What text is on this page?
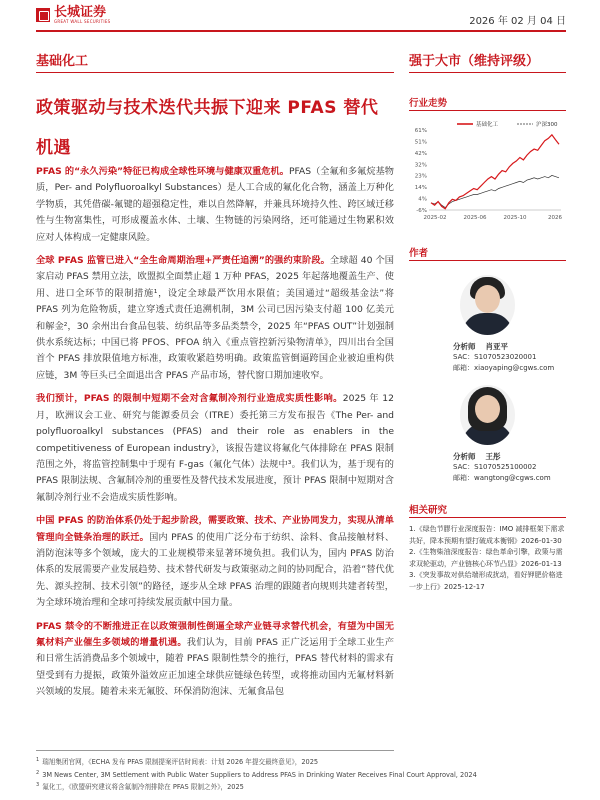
长城证券
GREAT WALL SECURITIES	2026 年 02 月 04 日
基础化工	强于大市（维持评级）
政策驱动与技术迭代共振下迎来 PFAS 替代机遇

PFAS 的“永久污染”特征已构成全球性环境与健康双重危机。PFAS（全氟和多氟烷基物质，Per- and Polyfluoroalkyl Substances）是人工合成的氟化化合物，涵盖上万种化学物质，其凭借碳-氟键的超强稳定性，难以自然降解，并兼具环境持久性、跨区域迁移性与生物富集性，可形成覆盖水体、土壤、生物链的污染网络，还可能通过生物累积效应对人体构成一定健康风险。

全球 PFAS 监管已进入“全生命周期治理+严责任追溯”的强约束阶段。全球超 40 个国家启动 PFAS 禁用立法，欧盟拟全面禁止超 1 万种 PFAS，2025 年起落地覆盖生产、使用、进口全环节的限制措施¹，设定全球最严饮用水限值；美国通过“超级基金法”将 PFAS 列为危险物质，建立穿透式责任追溯机制，3M 公司已因污染支付超 100 亿美元和解金²，30 余州出台食品包装、纺织品等多品类禁令，2025 年“PFAS OUT”计划强制供水系统达标；中国已将 PFOS、PFOA 纳入《重点管控新污染物清单》，四川出台全国首个 PFAS 排放限值地方标准，政策收紧趋势明确。政策监管倒逼跨国企业被迫重构供应链，3M 等巨头已全面退出含 PFAS 产品市场，替代窗口期加速收窄。

我们预计，PFAS 的限制中短期不会对含氟制冷剂行业造成实质性影响。2025 年 12 月，欧洲议会工业、研究与能源委员会（ITRE）委托第三方发布报告《The Per- and polyfluoroalkyl substances (PFAS) and their role as enablers in the competitiveness of European industry》，该报告建议将氟化气体排除在 PFAS 限制范围之外，将监管控制集中于现有 F-gas（氟化气体）法规中³。我们认为，基于现有的 PFAS 限制法规、含氟制冷剂的重要性及替代技术发展进度，预计 PFAS 限制中短期对含氟制冷剂行业不会造成实质性影响。

中国 PFAS 的防治体系仍处于起步阶段，需要政策、技术、产业协同发力，实现从清单管理向全链条治理的跃迁。国内 PFAS 的使用广泛分布于纺织、涂料、食品接触材料、消防泡沫等多个领域，庞大的工业规模带来显著环境负担。我们认为，国内 PFAS 防治体系的发展需要产业发展趋势、技术替代研发与政策驱动之间的协同配合，沿着“替代优先、源头控制、技术引领”的路径，逐步从全球 PFAS 治理的跟随者向规则共建者转型，为全球环境治理和全球可持续发展贡献中国力量。

PFAS 禁令的不断推进正在以政策强制性倒逼全球产业链寻求替代机会，有望为中国无氟材料产业催生多领域的增量机遇。我们认为，目前 PFAS 正广泛运用于全球工业生产和日常生活消费品多个领域中，随着 PFAS 限制性禁令的推行，PFAS 替代材料的需求有望受到有力提振，政策外溢效应正加速全球供应链绿色转型，或将推动国内无氟材料新兴领域的发展。随着未来无氟胶、环保消防泡沫、无氟食品包

$^1$ 瑞旭集团官网，《ECHA 发布 PFAS 限制提案评估时间表：计划 2026 年提交最终意见》，2025
$^2$ 3M News Center, 3M Settlement with Public Water Suppliers to Address PFAS in Drinking Water Receives Final Court Approval, 2024
$^3$ 氟化工，《欧盟研究建议将含氟制冷剂排除在 PFAS 限制之外》，2025
行业走势
61%
51%
42%
32%
23%
14%
4%
-6%
2025-02	2025-06	2025-10	2026
基础化工	沪深300
作者
分析师 肖亚平
SAC：S1070523020001
邮箱：xiaoyaping@cgws.com
分析师 王彤
SAC：S1070525100002
邮箱：wangtong@cgws.com
相关研究
1.《绿色节膠行业深度报告：IMO 减排框架下需求共好，降本预期有望打破成本衡钢》2026-01-30
2.《生物柴油深度报告：绿色革命引擎，政策与需求双轮驱动，产业链核心环节凸显》2026-01-13
3.《突发事故对供给端形成扰动，看好钾肥价格进一步上行》2025-12-17
